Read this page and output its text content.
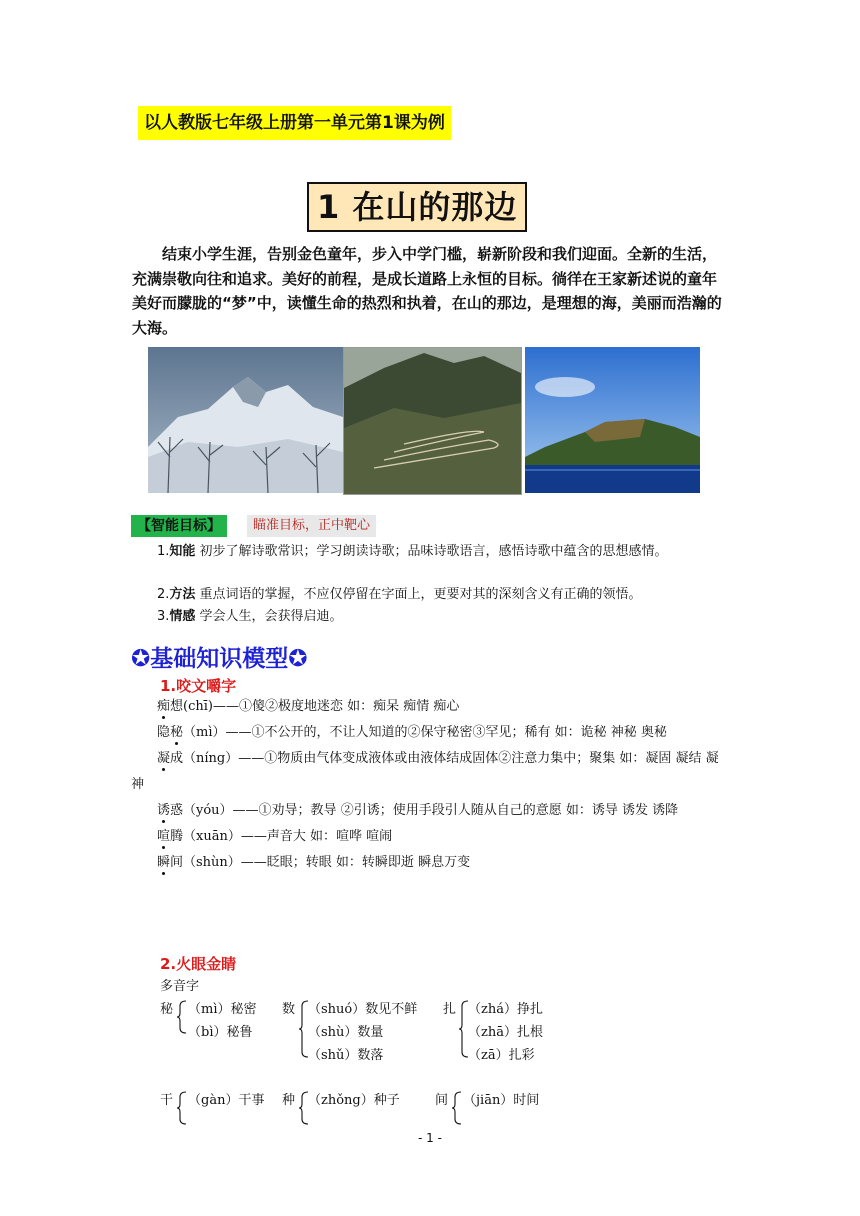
以人教版七年级上册第一单元第1课为例
1 在山的那边
结束小学生涯，告别金色童年，步入中学门槛，崭新阶段和我们迎面。全新的生活，充满崇敬向往和追求。美好的前程，是成长道路上永恒的目标。徜徉在王家新述说的童年美好而朦胧的“梦”中，读懂生命的热烈和执着，在山的那边，是理想的海，美丽而浩瀚的大海。
【智能目标】	瞄准目标，正中靶心
1.知能 初步了解诗歌常识；学习朗读诗歌；品味诗歌语言，感悟诗歌中蕴含的思想感情。
2.方法 重点词语的掌握，不应仅停留在字面上，更要对其的深刻含义有正确的领悟。
3.情感 学会人生，会获得启迪。
✪基础知识模型✪
1.咬文嚼字

痴想(chī)——①傻②极度地迷恋 如：痴呆 痴情 痴心

隐秘（mì）——①不公开的，不让人知道的②保守秘密③罕见；稀有 如：诡秘 神秘 奥秘

凝成（níng）——①物质由气体变成液体或由液体结成固体②注意力集中；聚集 如：凝固 凝结 凝神

诱惑（yóu）——①劝导；教导 ②引诱；使用手段引人随从自己的意愿 如：诱导 诱发 诱降

喧腾（xuān）——声音大 如：喧哗 喧闹

瞬间（shùn）——眨眼；转眼 如：转瞬即逝 瞬息万变

2.火眼金睛
多音字
秘 （mì）秘密
（bì）秘鲁
数 （shuó）数见不鲜
（shù）数量
（shǔ）数落
扎 （zhá）挣扎
（zhā）扎根
（zā）扎彩
干 （gàn）干事 种 （zhǒng）种子	间 （jiān）时间
- 1 -
